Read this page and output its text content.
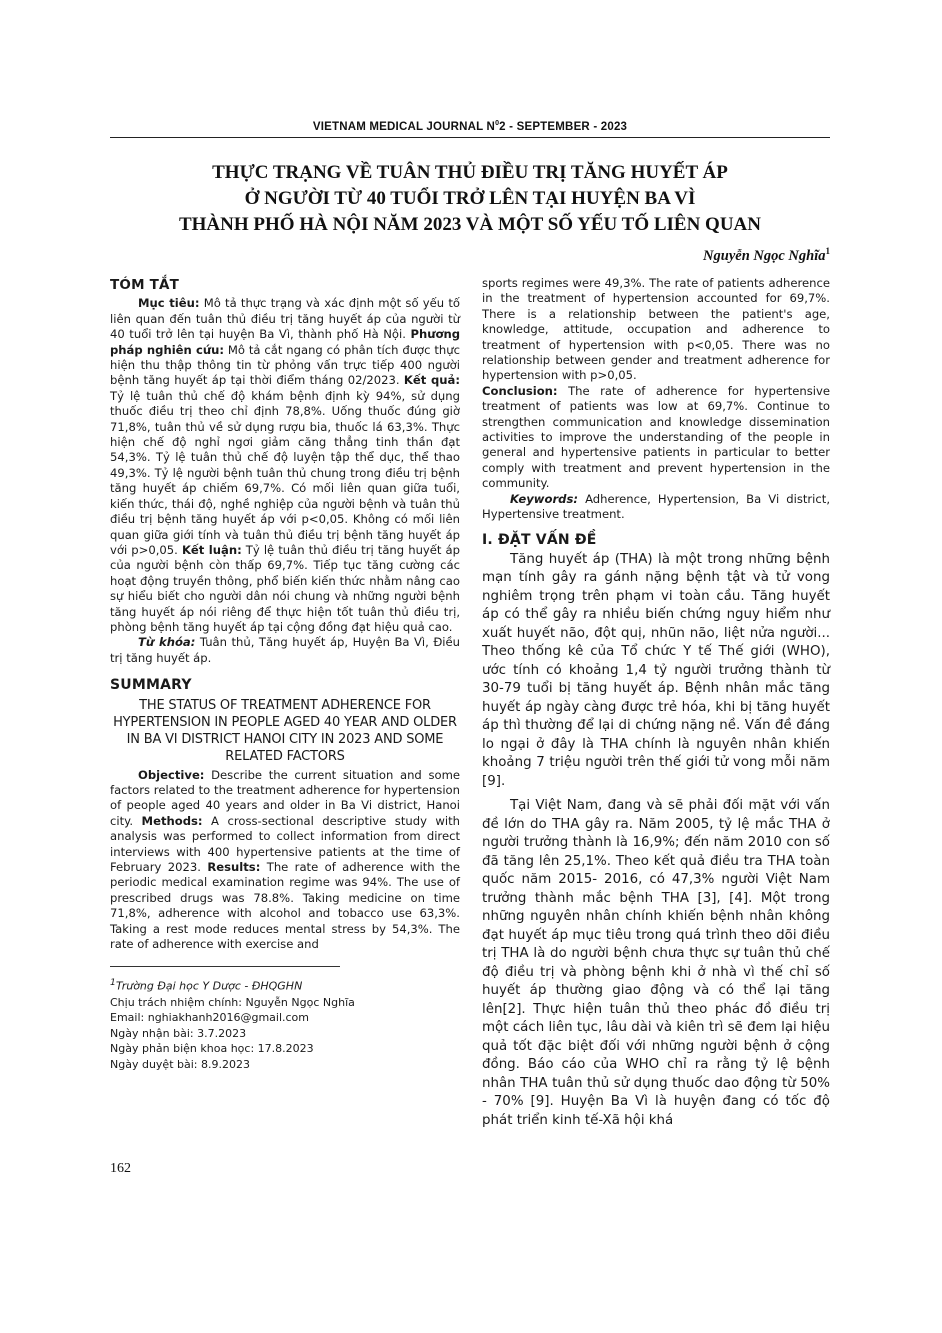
VIETNAM MEDICAL JOURNAL $N^02$ - SEPTEMBER - 2023
THỰC TRẠNG VỀ TUÂN THỦ ĐIỀU TRỊ TĂNG HUYẾT ÁP
Ở NGƯỜI TỪ 40 TUỔI TRỞ LÊN TẠI HUYỆN BA VÌ
THÀNH PHỐ HÀ NỘI NĂM 2023 VÀ MỘT SỐ YẾU TỐ LIÊN QUAN
Nguyễn Ngọc Nghĩa$^1$
TÓM TẮT

Mục tiêu: Mô tả thực trạng và xác định một số yếu tố liên quan đến tuân thủ điều trị tăng huyết áp của người từ 40 tuổi trở lên tại huyện Ba Vì, thành phố Hà Nội. Phương pháp nghiên cứu: Mô tả cắt ngang có phân tích được thực hiện thu thập thông tin từ phỏng vấn trực tiếp 400 người bệnh tăng huyết áp tại thời điểm tháng 02/2023. Kết quả: Tỷ lệ tuân thủ chế độ khám bệnh định kỳ 94%, sử dụng thuốc điều trị theo chỉ định 78,8%. Uống thuốc đúng giờ 71,8%, tuân thủ về sử dụng rượu bia, thuốc lá 63,3%. Thực hiện chế độ nghỉ ngơi giảm căng thẳng tinh thần đạt 54,3%. Tỷ lệ tuân thủ chế độ luyện tập thể dục, thể thao 49,3%. Tỷ lệ người bệnh tuân thủ chung trong điều trị bệnh tăng huyết áp chiếm 69,7%. Có mối liên quan giữa tuổi, kiến thức, thái độ, nghề nghiệp của người bệnh và tuân thủ điều trị bệnh tăng huyết áp với p<0,05. Không có mối liên quan giữa giới tính và tuân thủ điều trị bệnh tăng huyết áp với p>0,05. Kết luận: Tỷ lệ tuân thủ điều trị tăng huyết áp của người bệnh còn thấp 69,7%. Tiếp tục tăng cường các hoạt động truyền thông, phổ biến kiến thức nhằm nâng cao sự hiểu biết cho người dân nói chung và những người bệnh tăng huyết áp nói riêng để thực hiện tốt tuân thủ điều trị, phòng bệnh tăng huyết áp tại cộng đồng đạt hiệu quả cao.

Từ khóa: Tuân thủ, Tăng huyết áp, Huyện Ba Vì, Điều trị tăng huyết áp.

SUMMARY
THE STATUS OF TREATMENT ADHERENCE FOR HYPERTENSION IN PEOPLE AGED 40 YEAR AND OLDER IN BA VI DISTRICT HANOI CITY IN 2023 AND SOME RELATED FACTORS

Objective: Describe the current situation and some factors related to the treatment adherence for hypertension of people aged 40 years and older in Ba Vi district, Hanoi city. Methods: A cross-sectional descriptive study with analysis was performed to collect information from direct interviews with 400 hypertensive patients at the time of February 2023. Results: The rate of adherence with the periodic medical examination regime was 94%. The use of prescribed drugs was 78.8%. Taking medicine on time 71,8%, adherence with alcohol and tobacco use 63,3%. Taking a rest mode reduces mental stress by 54,3%. The rate of adherence with exercise and

$^1$Trường Đại học Y Dược - ĐHQGHN
Chịu trách nhiệm chính: Nguyễn Ngọc Nghĩa
Email: nghiakhanh2016@gmail.com
Ngày nhận bài: 3.7.2023
Ngày phản biện khoa học: 17.8.2023
Ngày duyệt bài: 8.9.2023

sports regimes were 49,3%. The rate of patients adherence in the treatment of hypertension accounted for 69,7%. There is a relationship between the patient's age, knowledge, attitude, occupation and adherence to treatment of hypertension with p<0,05. There was no relationship between gender and treatment adherence for hypertension with p>0,05.

Conclusion: The rate of adherence for hypertensive treatment of patients was low at 69,7%. Continue to strengthen communication and knowledge dissemination activities to improve the understanding of the people in general and hypertensive patients in particular to better comply with treatment and prevent hypertension in the community.

Keywords: Adherence, Hypertension, Ba Vi district, Hypertensive treatment.

I. ĐẶT VẤN ĐỀ

Tăng huyết áp (THA) là một trong những bệnh mạn tính gây ra gánh nặng bệnh tật và tử vong nghiêm trọng trên phạm vi toàn cầu. Tăng huyết áp có thể gây ra nhiều biến chứng nguy hiểm như xuất huyết não, đột quị, nhũn não, liệt nửa người... Theo thống kê của Tổ chức Y tế Thế giới (WHO), ước tính có khoảng 1,4 tỷ người trưởng thành từ 30-79 tuổi bị tăng huyết áp. Bệnh nhân mắc tăng huyết áp ngày càng được trẻ hóa, khi bị tăng huyết áp thì thường để lại di chứng nặng nề. Vấn đề đáng lo ngại ở đây là THA chính là nguyên nhân khiến khoảng 7 triệu người trên thế giới tử vong mỗi năm [9].

Tại Việt Nam, đang và sẽ phải đối mặt với vấn đề lớn do THA gây ra. Năm 2005, tỷ lệ mắc THA ở người trưởng thành là 16,9%; đến năm 2010 con số đã tăng lên 25,1%. Theo kết quả điều tra THA toàn quốc năm 2015- 2016, có 47,3% người Việt Nam trưởng thành mắc bệnh THA [3], [4]. Một trong những nguyên nhân chính khiến bệnh nhân không đạt huyết áp mục tiêu trong quá trình theo dõi điều trị THA là do người bệnh chưa thực sự tuân thủ chế độ điều trị và phòng bệnh khi ở nhà vì thế chỉ số huyết áp thường giao động và có thể lại tăng lên[2]. Thực hiện tuân thủ theo phác đồ điều trị một cách liên tục, lâu dài và kiên trì sẽ đem lại hiệu quả tốt đặc biệt đối với những người bệnh ở cộng đồng. Báo cáo của WHO chỉ ra rằng tỷ lệ bệnh nhân THA tuân thủ sử dụng thuốc dao động từ 50% - 70% [9]. Huyện Ba Vì là huyện đang có tốc độ phát triển kinh tế-Xã hội khá

162
